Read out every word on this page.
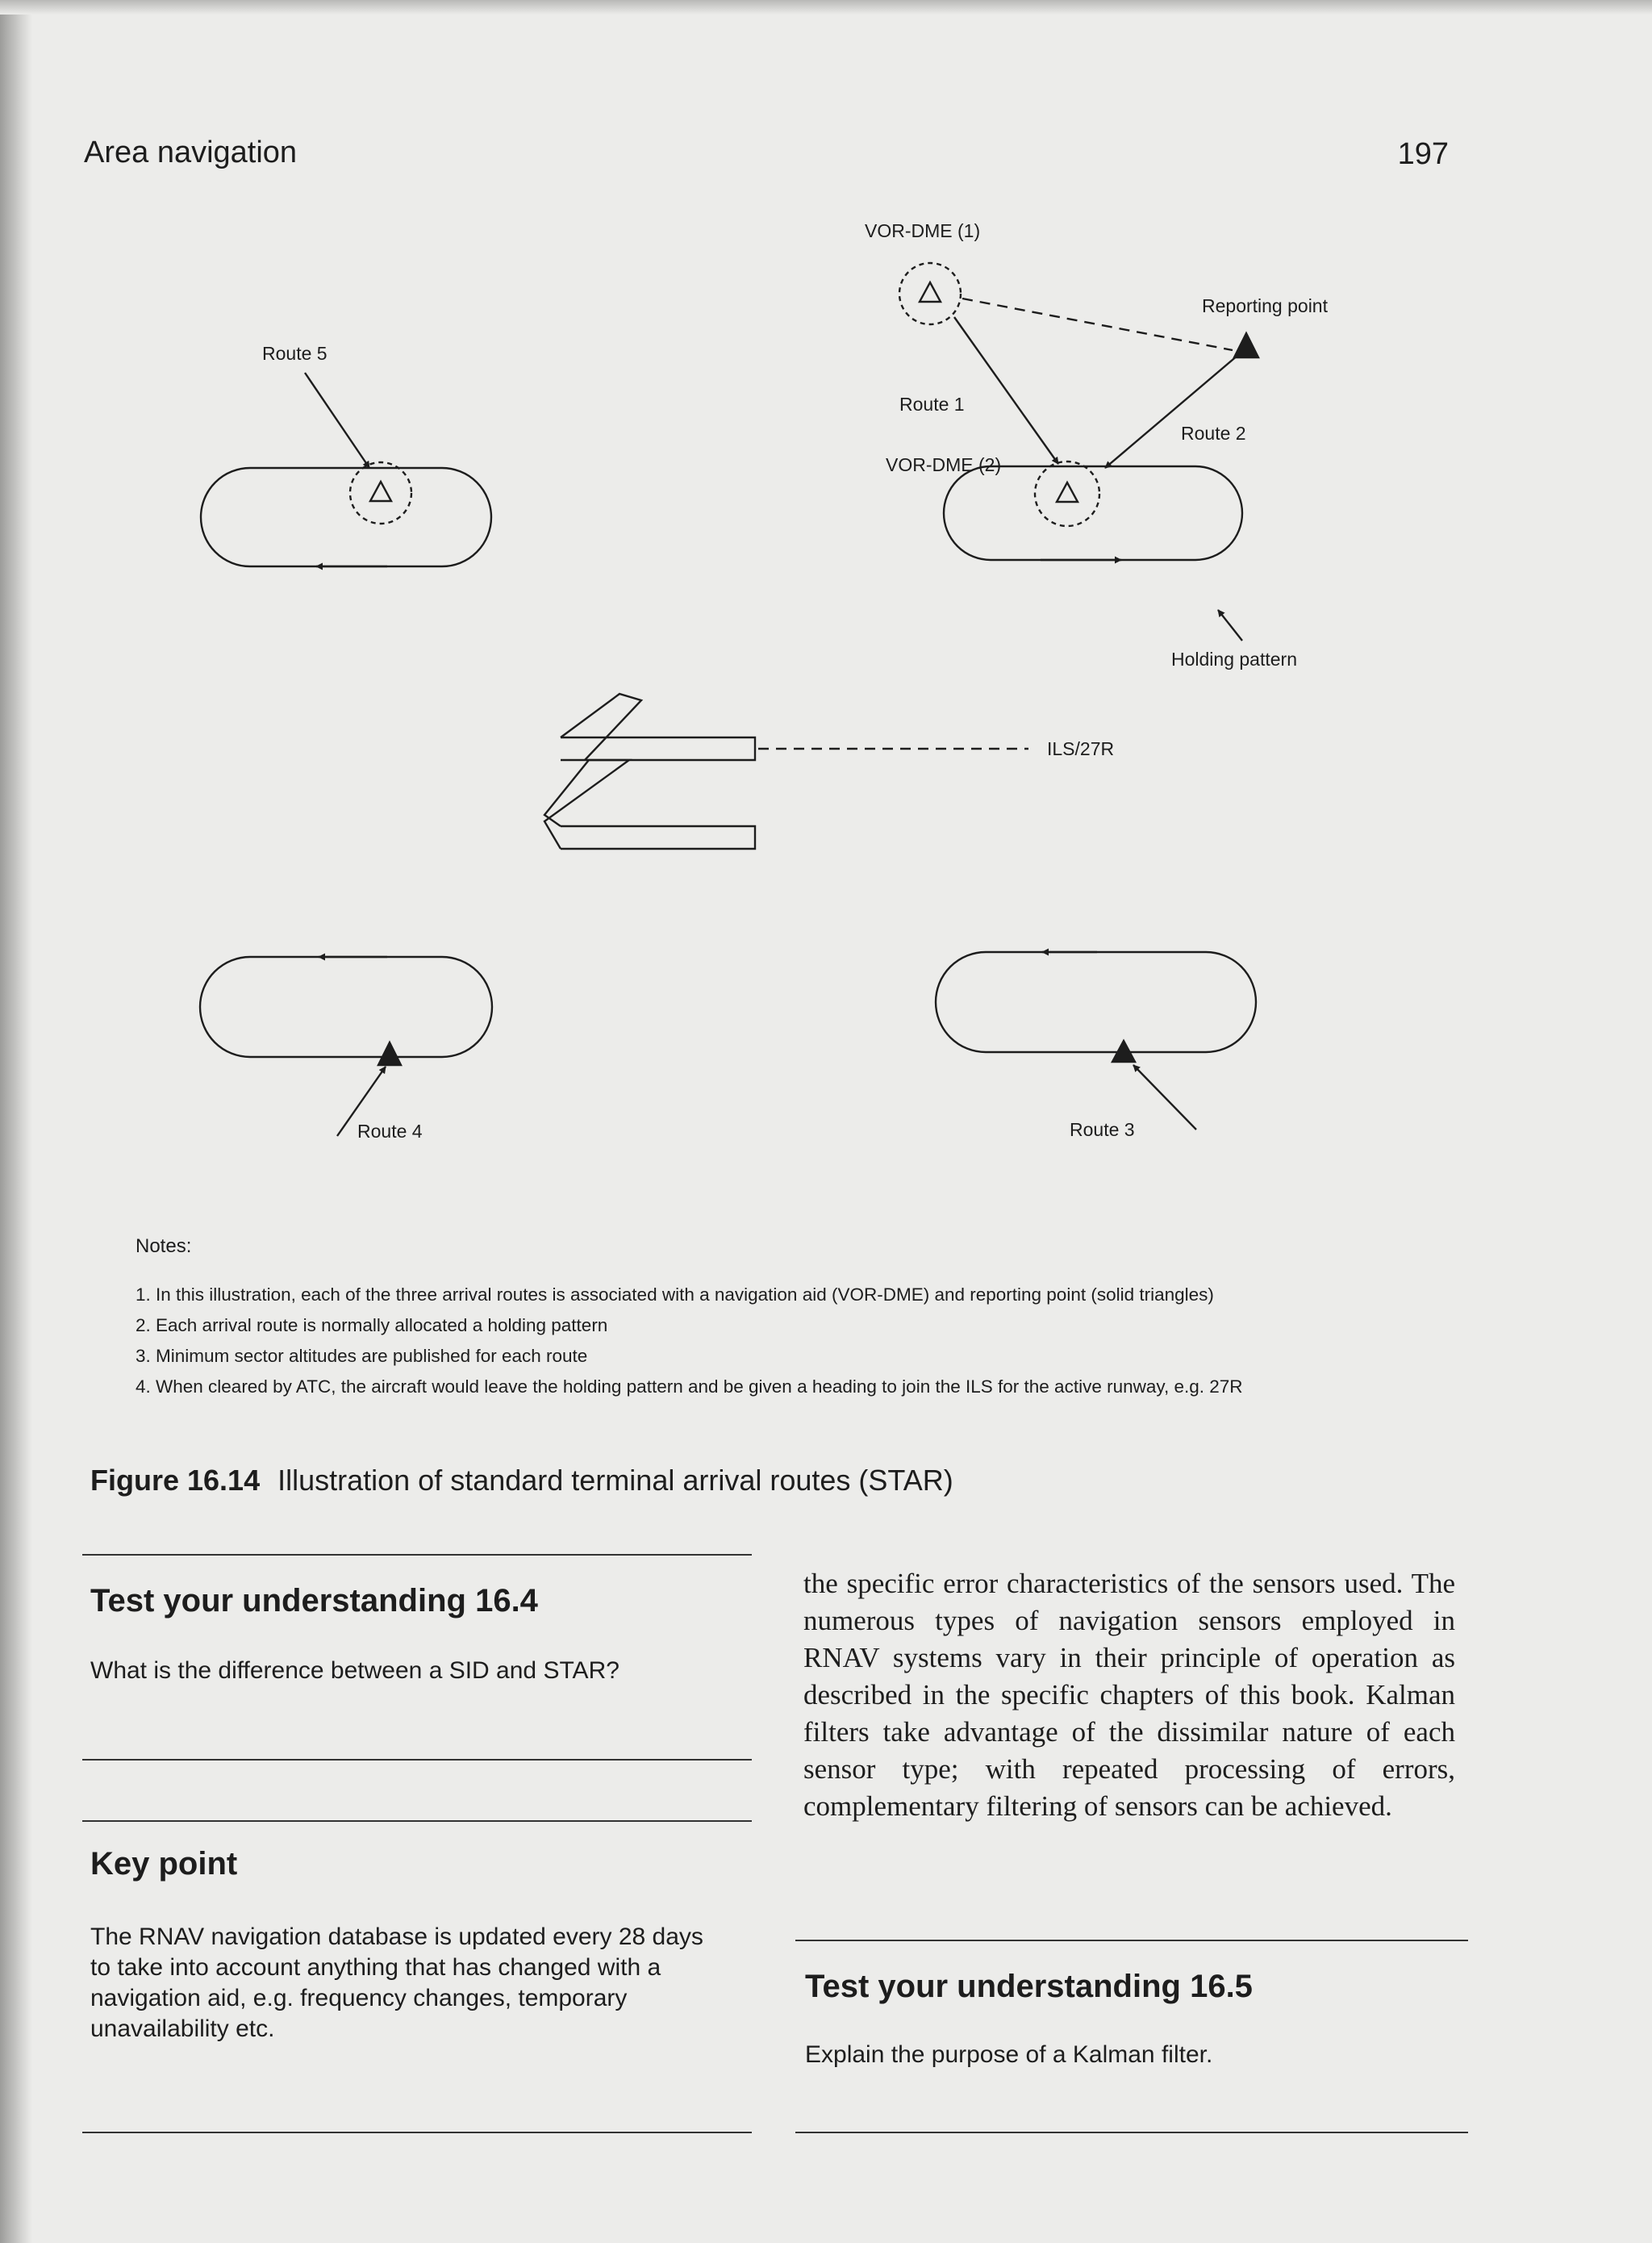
Area navigation	197
VOR-DME (1)
Reporting point
Route 5
Route 1
Route 2
VOR-DME (2)
Holding pattern
ILS/27R
Route 4	Route 3
Notes:
1. In this illustration, each of the three arrival routes is associated with a navigation aid (VOR-DME) and reporting point (solid triangles)
2. Each arrival route is normally allocated a holding pattern
3. Minimum sector altitudes are published for each route
4. When cleared by ATC, the aircraft would leave the holding pattern and be given a heading to join the ILS for the active runway, e.g. 27R
Figure 16.14 Illustration of standard terminal arrival routes (STAR)
Test your understanding 16.4
What is the difference between a SID and STAR?
Key point
The RNAV navigation database is updated every 28 days to take into account anything that has changed with a navigation aid, e.g. frequency changes, temporary unavailability etc.
the specific error characteristics of the sensors used. The numerous types of navigation sensors employed in RNAV systems vary in their principle of operation as described in the specific chapters of this book. Kalman filters take advantage of the dissimilar nature of each sensor type; with repeated processing of errors, complementary filtering of sensors can be achieved.
Test your understanding 16.5
Explain the purpose of a Kalman filter.
